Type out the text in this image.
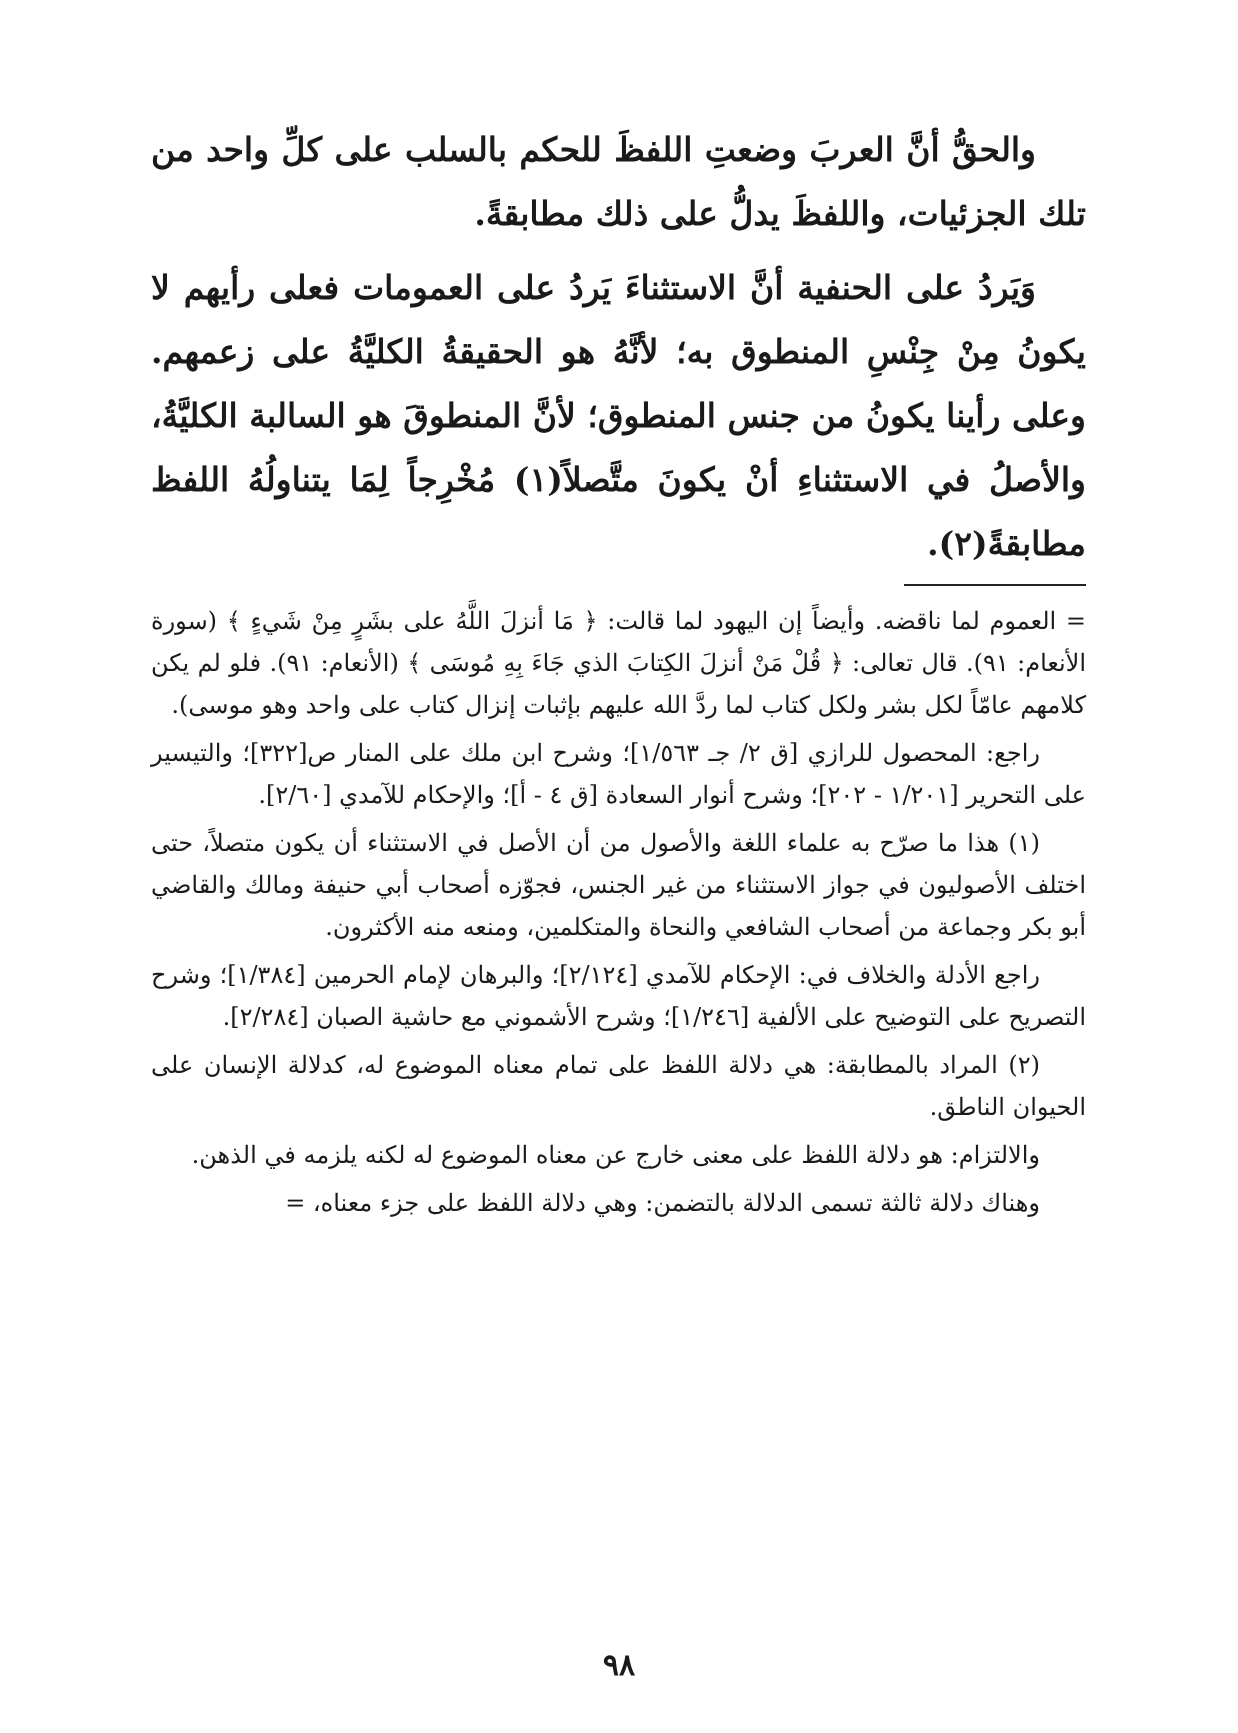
والحقُّ أنَّ العربَ وضعتِ اللفظَ للحكم بالسلب على كلِّ واحد من تلك الجزئيات، واللفظَ يدلُّ على ذلك مطابقةً.

وَيَردُ على الحنفية أنَّ الاستثناءَ يَردُ على العمومات فعلى رأيهم لا يكونُ مِنْ جِنْسِ المنطوق به؛ لأنَّهُ هو الحقيقةُ الكليَّةُ على زعمهم. وعلى رأينا يكونُ من جنس المنطوق؛ لأنَّ المنطوقَ هو السالبة الكليَّةُ، والأصلُ في الاستثناءِ أنْ يكونَ متَّصلاً(١) مُخْرِجاً لِمَا يتناولُهُ اللفظ مطابقةً(٢).

= العموم لما ناقضه. وأيضاً إن اليهود لما قالت: ﴿ مَا أنزلَ اللَّهُ على بشَرٍ مِنْ شَيءٍ ﴾ (سورة الأنعام: ٩١). قال تعالى: ﴿ قُلْ مَنْ أنزلَ الكِتابَ الذي جَاءَ بِهِ مُوسَى ﴾ (الأنعام: ٩١). فلو لم يكن كلامهم عامّاً لكل بشر ولكل كتاب لما ردَّ الله عليهم بإثبات إنزال كتاب على واحد وهو موسى).

راجع: المحصول للرازي [ق ٢/ جـ ١/٥٦٣]؛ وشرح ابن ملك على المنار ص[٣٢٢]؛ والتيسير على التحرير [١/٢٠١ - ٢٠٢]؛ وشرح أنوار السعادة [ق ٤ - أ]؛ والإحكام للآمدي [٢/٦٠].

(١) هذا ما صرّح به علماء اللغة والأصول من أن الأصل في الاستثناء أن يكون متصلاً، حتى اختلف الأصوليون في جواز الاستثناء من غير الجنس، فجوّزه أصحاب أبي حنيفة ومالك والقاضي أبو بكر وجماعة من أصحاب الشافعي والنحاة والمتكلمين، ومنعه منه الأكثرون.

راجع الأدلة والخلاف في: الإحكام للآمدي [٢/١٢٤]؛ والبرهان لإمام الحرمين [١/٣٨٤]؛ وشرح التصريح على التوضيح على الألفية [١/٢٤٦]؛ وشرح الأشموني مع حاشية الصبان [٢/٢٨٤].

(٢) المراد بالمطابقة: هي دلالة اللفظ على تمام معناه الموضوع له، كدلالة الإنسان على الحيوان الناطق.

والالتزام: هو دلالة اللفظ على معنى خارج عن معناه الموضوع له لكنه يلزمه في الذهن.

وهناك دلالة ثالثة تسمى الدلالة بالتضمن: وهي دلالة اللفظ على جزء معناه، =

٩٨
